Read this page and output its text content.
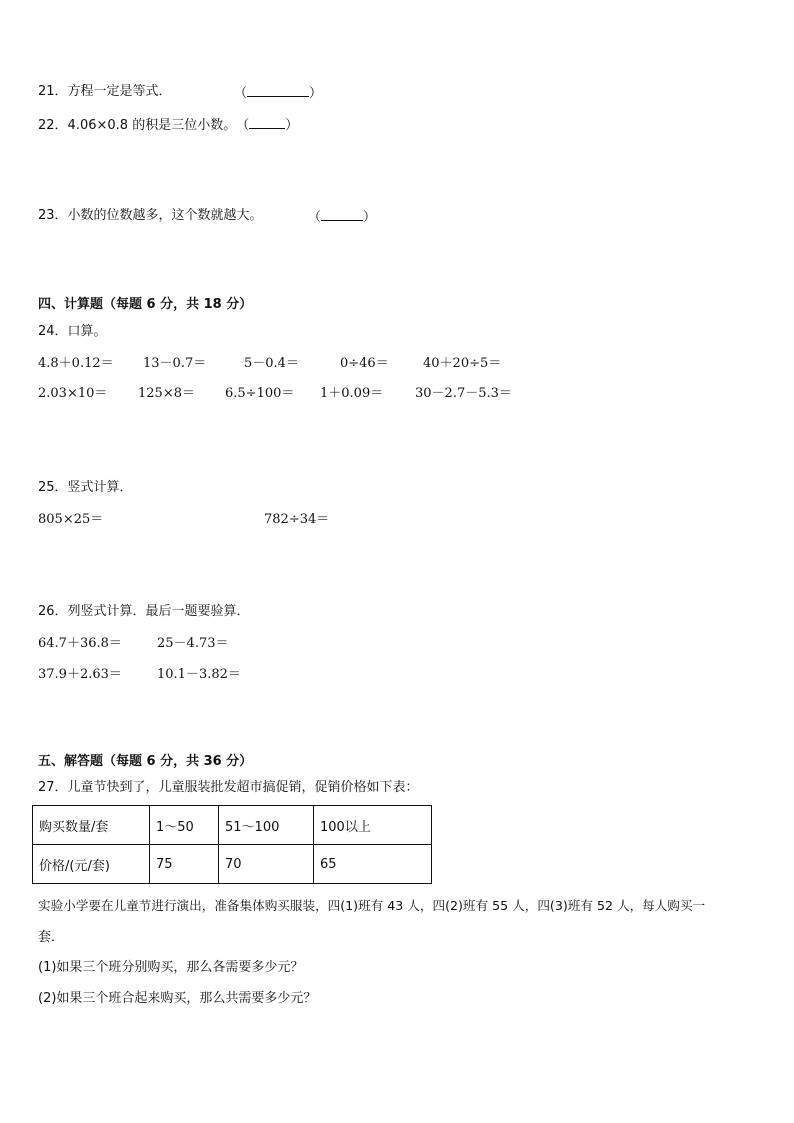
21．方程一定是等式．	（	）
22．4.06×0.8 的积是三位小数。（	）
23．小数的位数越多，这个数就越大。	（	）
四、计算题（每题 6 分，共 18 分）
24．口算。
4.8＋0.12＝ 13－0.7＝	5－0.4＝	0÷46＝	40＋20÷5＝
2.03×10＝ 125×8＝ 6.5÷100＝ 1＋0.09＝ 30－2.7－5.3＝
25．竖式计算．
805×25＝	782÷34＝
26．列竖式计算．最后一题要验算．
64.7＋36.8＝	25－4.73＝
37.9＋2.63＝	10.1－3.82＝
五、解答题（每题 6 分，共 36 分）
27．儿童节快到了，儿童服装批发超市搞促销，促销价格如下表：
购买数量/套	1～50	51～100	100以上
价格/(元/套)	75	70	65
实验小学要在儿童节进行演出，准备集体购买服装，四(1)班有 43 人，四(2)班有 55 人，四(3)班有 52 人，每人购买一
套．
(1)如果三个班分别购买，那么各需要多少元？
(2)如果三个班合起来购买，那么共需要多少元？
